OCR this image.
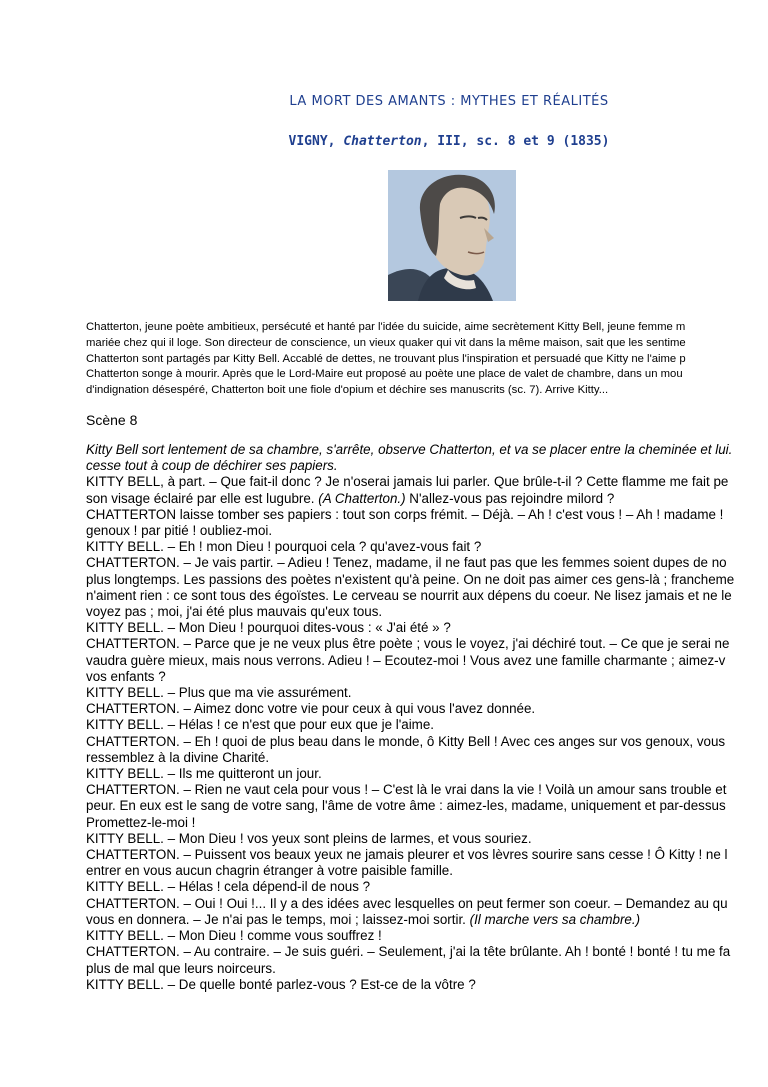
LA MORT DES AMANTS : MYTHES ET RÉALITÉS
VIGNY, Chatterton, III, sc. 8 et 9 (1835)

Chatterton, jeune poète ambitieux, persécuté et hanté par l'idée du suicide, aime secrètement Kitty Bell, jeune femme m

mariée chez qui il loge. Son directeur de conscience, un vieux quaker qui vit dans la même maison, sait que les sentime

Chatterton sont partagés par Kitty Bell. Accablé de dettes, ne trouvant plus l'inspiration et persuadé que Kitty ne l'aime p

Chatterton songe à mourir. Après que le Lord-Maire eut proposé au poète une place de valet de chambre, dans un mou

d'indignation désespéré, Chatterton boit une fiole d'opium et déchire ses manuscrits (sc. 7). Arrive Kitty...

Scène 8

Kitty Bell sort lentement de sa chambre, s'arrête, observe Chatterton, et va se placer entre la cheminée et lui.

cesse tout à coup de déchirer ses papiers.

KITTY BELL, à part. – Que fait-il donc ? Je n'oserai jamais lui parler. Que brûle-t-il ? Cette flamme me fait pe

son visage éclairé par elle est lugubre. (A Chatterton.) N'allez-vous pas rejoindre milord ?

CHATTERTON laisse tomber ses papiers : tout son corps frémit. – Déjà. – Ah ! c'est vous ! – Ah ! madame !

genoux ! par pitié ! oubliez-moi.

KITTY BELL. – Eh ! mon Dieu ! pourquoi cela ? qu'avez-vous fait ?

CHATTERTON. – Je vais partir. – Adieu ! Tenez, madame, il ne faut pas que les femmes soient dupes de no

plus longtemps. Les passions des poètes n'existent qu'à peine. On ne doit pas aimer ces gens-là ; francheme

n'aiment rien : ce sont tous des égoïstes. Le cerveau se nourrit aux dépens du coeur. Ne lisez jamais et ne le

voyez pas ; moi, j'ai été plus mauvais qu'eux tous.

KITTY BELL. – Mon Dieu ! pourquoi dites-vous : « J'ai été » ?

CHATTERTON. – Parce que je ne veux plus être poète ; vous le voyez, j'ai déchiré tout. – Ce que je serai ne

vaudra guère mieux, mais nous verrons. Adieu ! – Ecoutez-moi ! Vous avez une famille charmante ; aimez-v

vos enfants ?

KITTY BELL. – Plus que ma vie assurément.

CHATTERTON. – Aimez donc votre vie pour ceux à qui vous l'avez donnée.

KITTY BELL. – Hélas ! ce n'est que pour eux que je l'aime.

CHATTERTON. – Eh ! quoi de plus beau dans le monde, ô Kitty Bell ! Avec ces anges sur vos genoux, vous

ressemblez à la divine Charité.

KITTY BELL. – Ils me quitteront un jour.

CHATTERTON. – Rien ne vaut cela pour vous ! – C'est là le vrai dans la vie ! Voilà un amour sans trouble et

peur. En eux est le sang de votre sang, l'âme de votre âme : aimez-les, madame, uniquement et par-dessus

Promettez-le-moi !

KITTY BELL. – Mon Dieu ! vos yeux sont pleins de larmes, et vous souriez.

CHATTERTON. – Puissent vos beaux yeux ne jamais pleurer et vos lèvres sourire sans cesse ! Ô Kitty ! ne l

entrer en vous aucun chagrin étranger à votre paisible famille.

KITTY BELL. – Hélas ! cela dépend-il de nous ?

CHATTERTON. – Oui ! Oui !... Il y a des idées avec lesquelles on peut fermer son coeur. – Demandez au qu

vous en donnera. – Je n'ai pas le temps, moi ; laissez-moi sortir. (Il marche vers sa chambre.)

KITTY BELL. – Mon Dieu ! comme vous souffrez !

CHATTERTON. – Au contraire. – Je suis guéri. – Seulement, j'ai la tête brûlante. Ah ! bonté ! bonté ! tu me fa

plus de mal que leurs noirceurs.

KITTY BELL. – De quelle bonté parlez-vous ? Est-ce de la vôtre ?
